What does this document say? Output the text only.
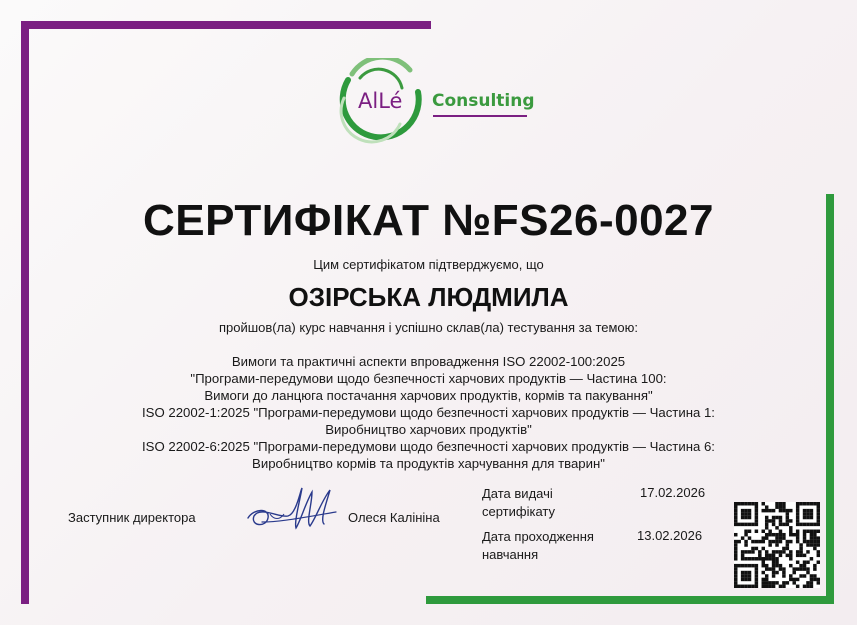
AlLé Consulting
СЕРТИФІКАТ №FS26-0027
Цим сертифікатом підтверджуємо, що
ОЗІРСЬКА ЛЮДМИЛА
пройшов(ла) курс навчання і успішно склав(ла) тестування за темою:
Вимоги та практичні аспекти впровадження ISO 22002-100:2025
"Програми-передумови щодо безпечності харчових продуктів — Частина 100:
Вимоги до ланцюга постачання харчових продуктів, кормів та пакування"
ISO 22002-1:2025 "Програми-передумови щодо безпечності харчових продуктів — Частина 1:
Виробництво харчових продуктів"
ISO 22002-6:2025 "Програми-передумови щодо безпечності харчових продуктів — Частина 6:
Виробництво кормів та продуктів харчування для тварин"
Заступник директора	Олеся Калініна
Дата видачі сертифікату
17.02.2026
Дата проходження навчання
13.02.2026
